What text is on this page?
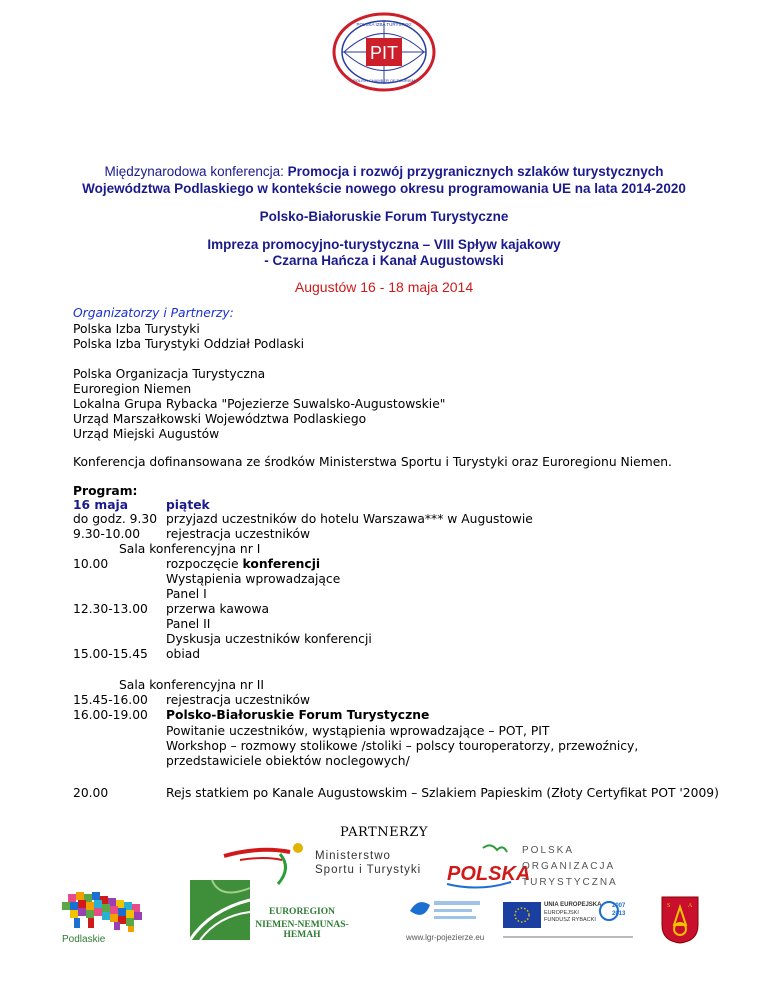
PIT
POLSKA IZBA TURYSTYKI
POLISH CHAMBER OF TOURISM
Międzynarodowa konferencja: Promocja i rozwój przygranicznych szlaków turystycznych
Województwa Podlaskiego w kontekście nowego okresu programowania UE na lata 2014-2020
Polsko-Białoruskie Forum Turystyczne
Impreza promocyjno-turystyczna – VIII Spływ kajakowy
- Czarna Hańcza i Kanał Augustowski
Augustów 16 - 18 maja 2014
Organizatorzy i Partnerzy:
Polska Izba Turystyki
Polska Izba Turystyki Oddział Podlaski
Polska Organizacja Turystyczna
Euroregion Niemen
Lokalna Grupa Rybacka "Pojezierze Suwalsko-Augustowskie"
Urząd Marszałkowski Województwa Podlaskiego
Urząd Miejski Augustów
Konferencja dofinansowana ze środków Ministerstwa Sportu i Turystyki oraz Euroregionu Niemen.
Program:
16 maja	piątek
do godz. 9.30 przyjazd uczestników do hotelu Warszawa*** w Augustowie
9.30-10.00 rejestracja uczestników
Sala konferencyjna nr I
10.00	rozpoczęcie konferencji
Wystąpienia wprowadzające
Panel I
12.30-13.00 przerwa kawowa
Panel II
Dyskusja uczestników konferencji
15.00-15.45 obiad
Sala konferencyjna nr II
15.45-16.00 rejestracja uczestników
16.00-19.00 Polsko-Białoruskie Forum Turystyczne
Powitanie uczestników, wystąpienia wprowadzające – POT, PIT
Workshop – rozmowy stolikowe /stoliki – polscy touroperatorzy, przewoźnicy,
przedstawiciele obiektów noclegowych/
20.00	Rejs statkiem po Kanale Augustowskim – Szlakiem Papieskim (Złoty Certyfikat POT '2009)
PARTNERZY
Ministerstwo
Sportu i Turystyki POLSKA
POLSKA
ORGANIZACJA
TURYSTYCZNA
Podlaskie
EUROREGION
NIEMEN-NEMUNAS-НЕМАН	www.lgr-pojezierze.eu
UNIA EUROPEJSKA
EUROPEJSKI
FUNDUSZ RYBACKI
2007
2013
S	A
